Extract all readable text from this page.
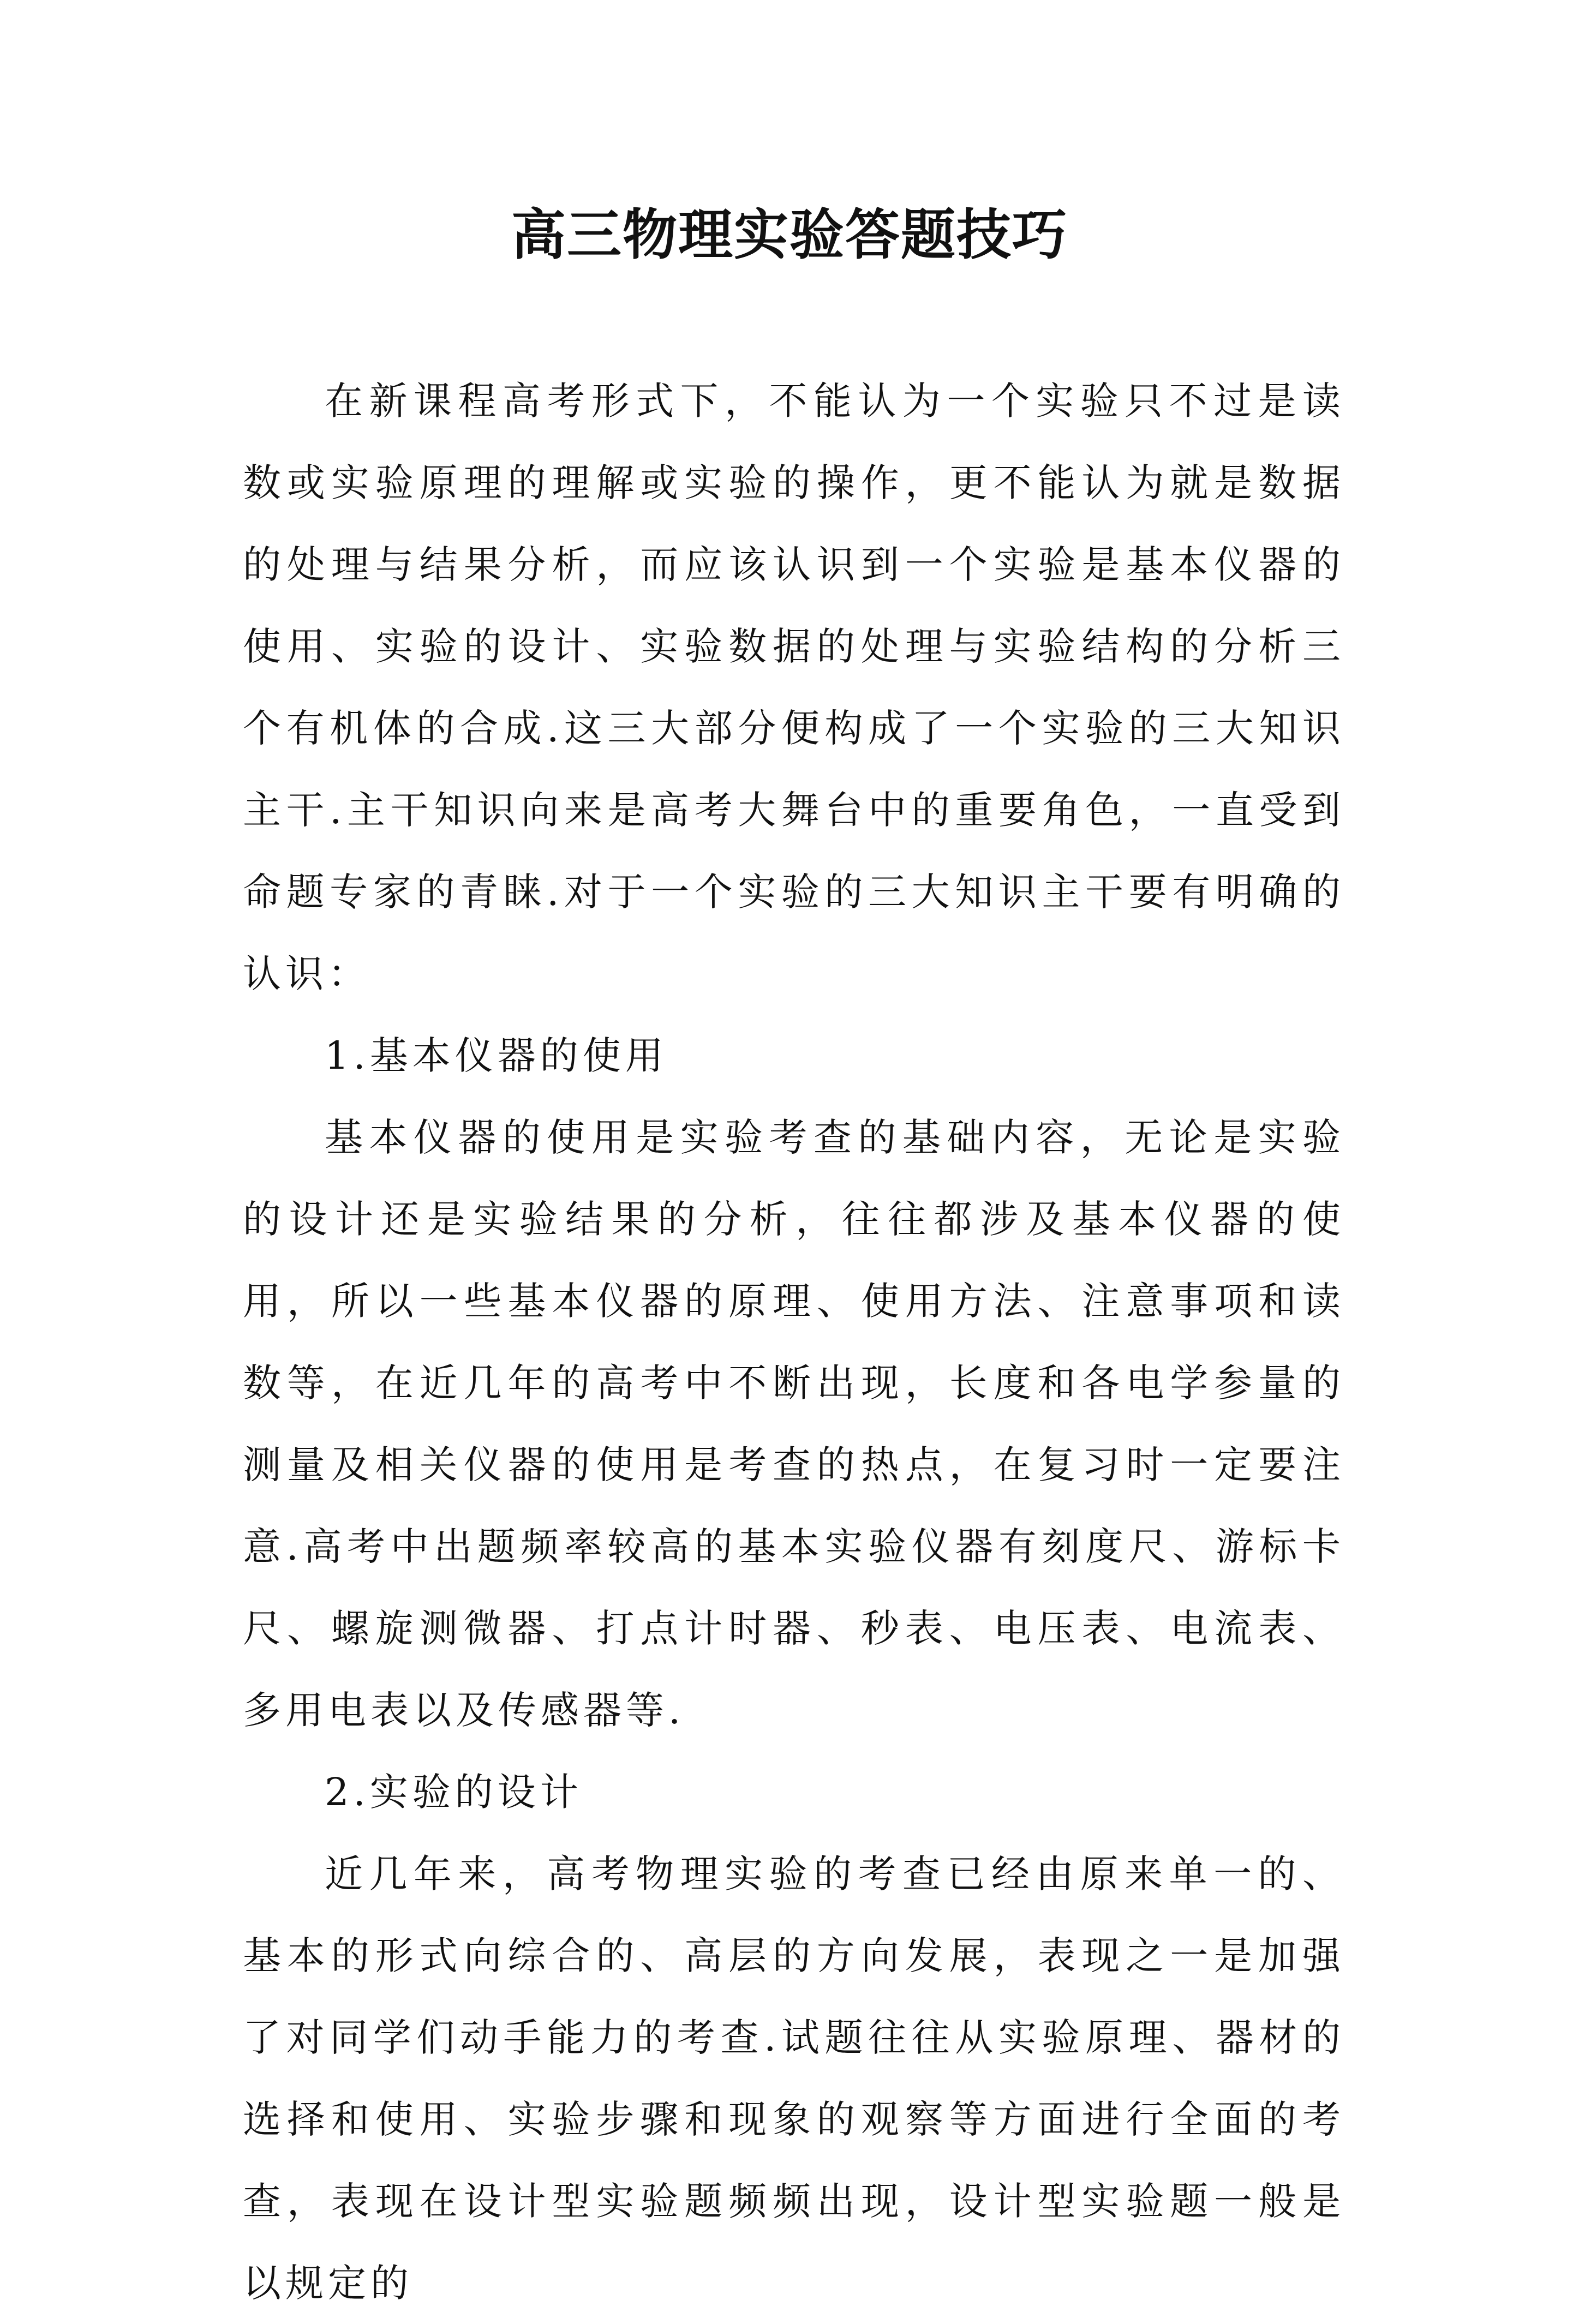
高三物理实验答题技巧

在新课程高考形式下，不能认为一个实验只不过是读数或实验原理的理解或实验的操作，更不能认为就是数据的处理与结果分析，而应该认识到一个实验是基本仪器的使用、实验的设计、实验数据的处理与实验结构的分析三个有机体的合成.这三大部分便构成了一个实验的三大知识主干.主干知识向来是高考大舞台中的重要角色，一直受到命题专家的青睐.对于一个实验的三大知识主干要有明确的认识：

1.基本仪器的使用

基本仪器的使用是实验考查的基础内容，无论是实验的设计还是实验结果的分析，往往都涉及基本仪器的使用，所以一些基本仪器的原理、使用方法、注意事项和读数等，在近几年的高考中不断出现，长度和各电学参量的测量及相关仪器的使用是考查的热点，在复习时一定要注意.高考中出题频率较高的基本实验仪器有刻度尺、游标卡尺、螺旋测微器、打点计时器、秒表、电压表、电流表、多用电表以及传感器等.

2.实验的设计

近几年来，高考物理实验的考查已经由原来单一的、基本的形式向综合的、高层的方向发展，表现之一是加强了对同学们动手能力的考查.试题往往从实验原理、器材的选择和使用、实验步骤和现象的观察等方面进行全面的考查，表现在设计型实验题频频出现，设计型实验题一般是以规定的
